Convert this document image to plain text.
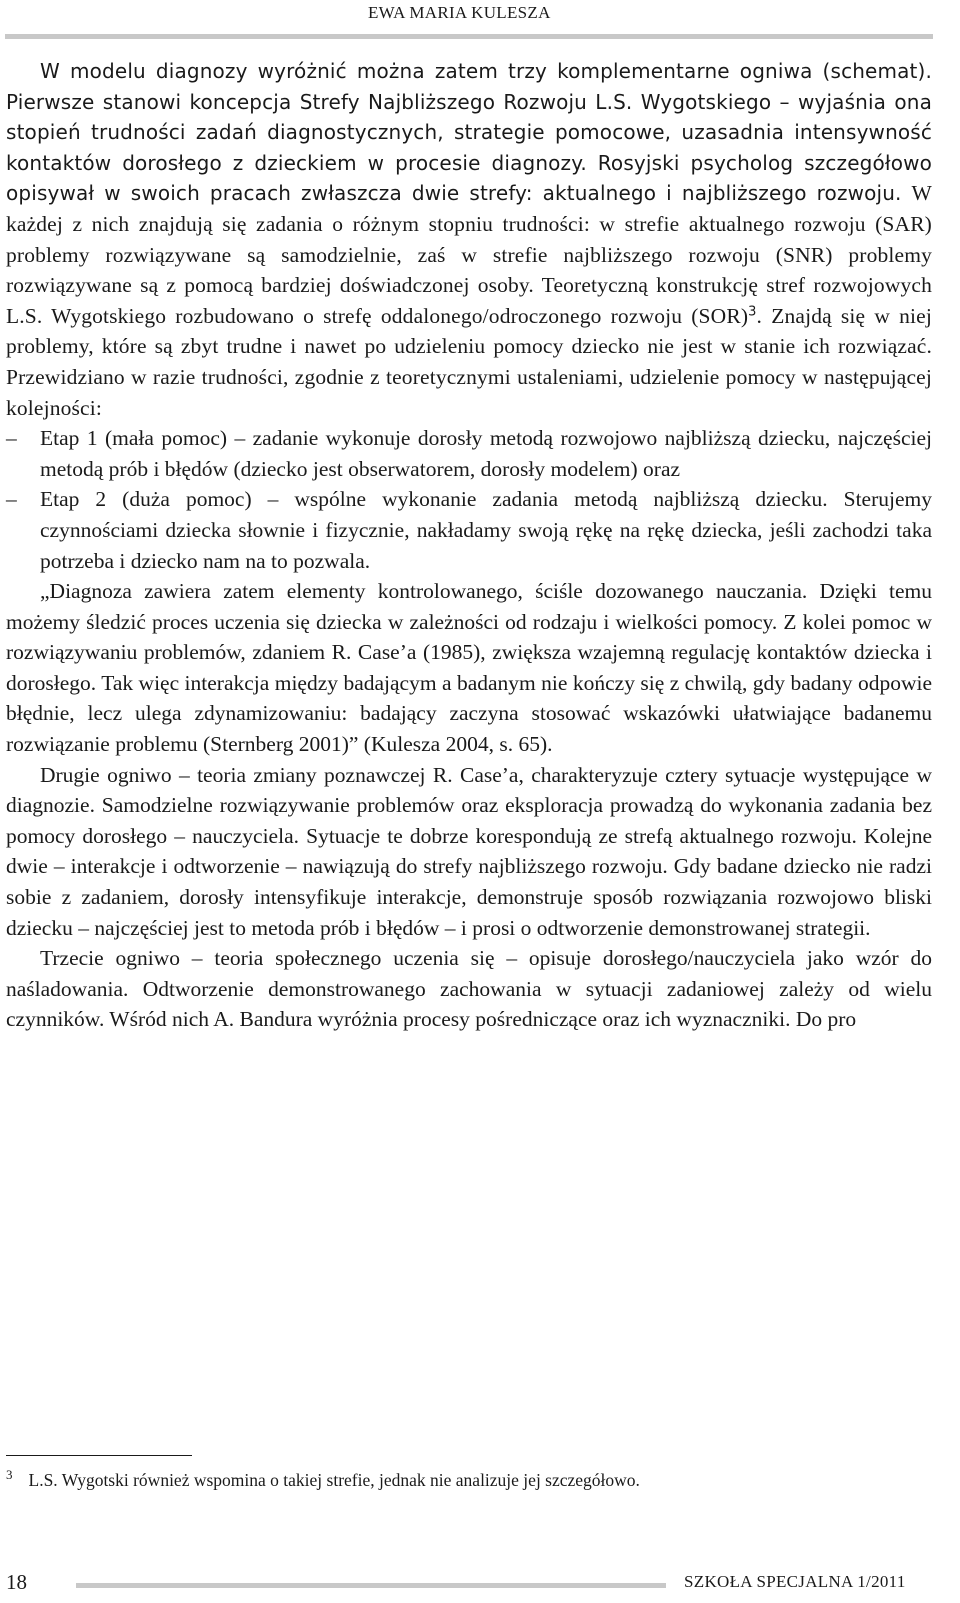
EWA MARIA KULESZA

W modelu diagnozy wyróżnić można zatem trzy komplementarne ogniwa (schemat). Pierwsze stanowi koncepcja Strefy Najbliższego Rozwoju L.S. Wygotskiego – wyjaśnia ona stopień trudności zadań diagnostycznych, strategie pomocowe, uzasadnia intensywność kontaktów dorosłego z dzieckiem w procesie diagnozy. Rosyjski psycholog szczegółowo opisywał w swoich pracach zwłaszcza dwie strefy: aktualnego i najbliższego rozwoju. W każdej z nich znajdują się zadania o różnym stopniu trudności: w strefie aktualnego rozwoju (SAR) problemy rozwiązywane są samodzielnie, zaś w strefie najbliższego rozwoju (SNR) problemy rozwiązywane są z pomocą bardziej doświadczonej osoby. Teoretyczną konstrukcję stref rozwojowych L.S. Wygotskiego rozbudowano o strefę oddalonego/odroczonego rozwoju (SOR)$^3$. Znajdą się w niej problemy, które są zbyt trudne i nawet po udzieleniu pomocy dziecko nie jest w stanie ich rozwiązać. Przewidziano w razie trudności, zgodnie z teoretycznymi ustaleniami, udzielenie pomocy w następującej kolejności:

– Etap 1 (mała pomoc) – zadanie wykonuje dorosły metodą rozwojowo najbliższą dziecku, najczęściej metodą prób i błędów (dziecko jest obserwatorem, dorosły modelem) oraz
– Etap 2 (duża pomoc) – wspólne wykonanie zadania metodą najbliższą dziecku. Sterujemy czynnościami dziecka słownie i fizycznie, nakładamy swoją rękę na rękę dziecka, jeśli zachodzi taka potrzeba i dziecko nam na to pozwala.

„Diagnoza zawiera zatem elementy kontrolowanego, ściśle dozowanego nauczania. Dzięki temu możemy śledzić proces uczenia się dziecka w zależności od rodzaju i wielkości pomocy. Z kolei pomoc w rozwiązywaniu problemów, zdaniem R. Case’a (1985), zwiększa wzajemną regulację kontaktów dziecka i dorosłego. Tak więc interakcja między badającym a badanym nie kończy się z chwilą, gdy badany odpowie błędnie, lecz ulega zdynamizowaniu: badający zaczyna stosować wskazówki ułatwiające badanemu rozwiązanie problemu (Sternberg 2001)” (Kulesza 2004, s. 65).

Drugie ogniwo – teoria zmiany poznawczej R. Case’a, charakteryzuje cztery sytuacje występujące w diagnozie. Samodzielne rozwiązywanie problemów oraz eksploracja prowadzą do wykonania zadania bez pomocy dorosłego – nauczyciela. Sytuacje te dobrze korespondują ze strefą aktualnego rozwoju. Kolejne dwie – interakcje i odtworzenie – nawiązują do strefy najbliższego rozwoju. Gdy badane dziecko nie radzi sobie z zadaniem, dorosły intensyfikuje interakcje, demonstruje sposób rozwiązania rozwojowo bliski dziecku – najczęściej jest to metoda prób i błędów – i prosi o odtworzenie demonstrowanej strategii.

Trzecie ogniwo – teoria społecznego uczenia się – opisuje dorosłego/nauczyciela jako wzór do naśladowania. Odtworzenie demonstrowanego zachowania w sytuacji zadaniowej zależy od wielu czynników. Wśród nich A. Bandura wyróżnia procesy pośredniczące oraz ich wyznaczniki. Do pro

$^3$ L.S. Wygotski również wspomina o takiej strefie, jednak nie analizuje jej szczegółowo.
18	SZKOŁA SPECJALNA 1/2011
